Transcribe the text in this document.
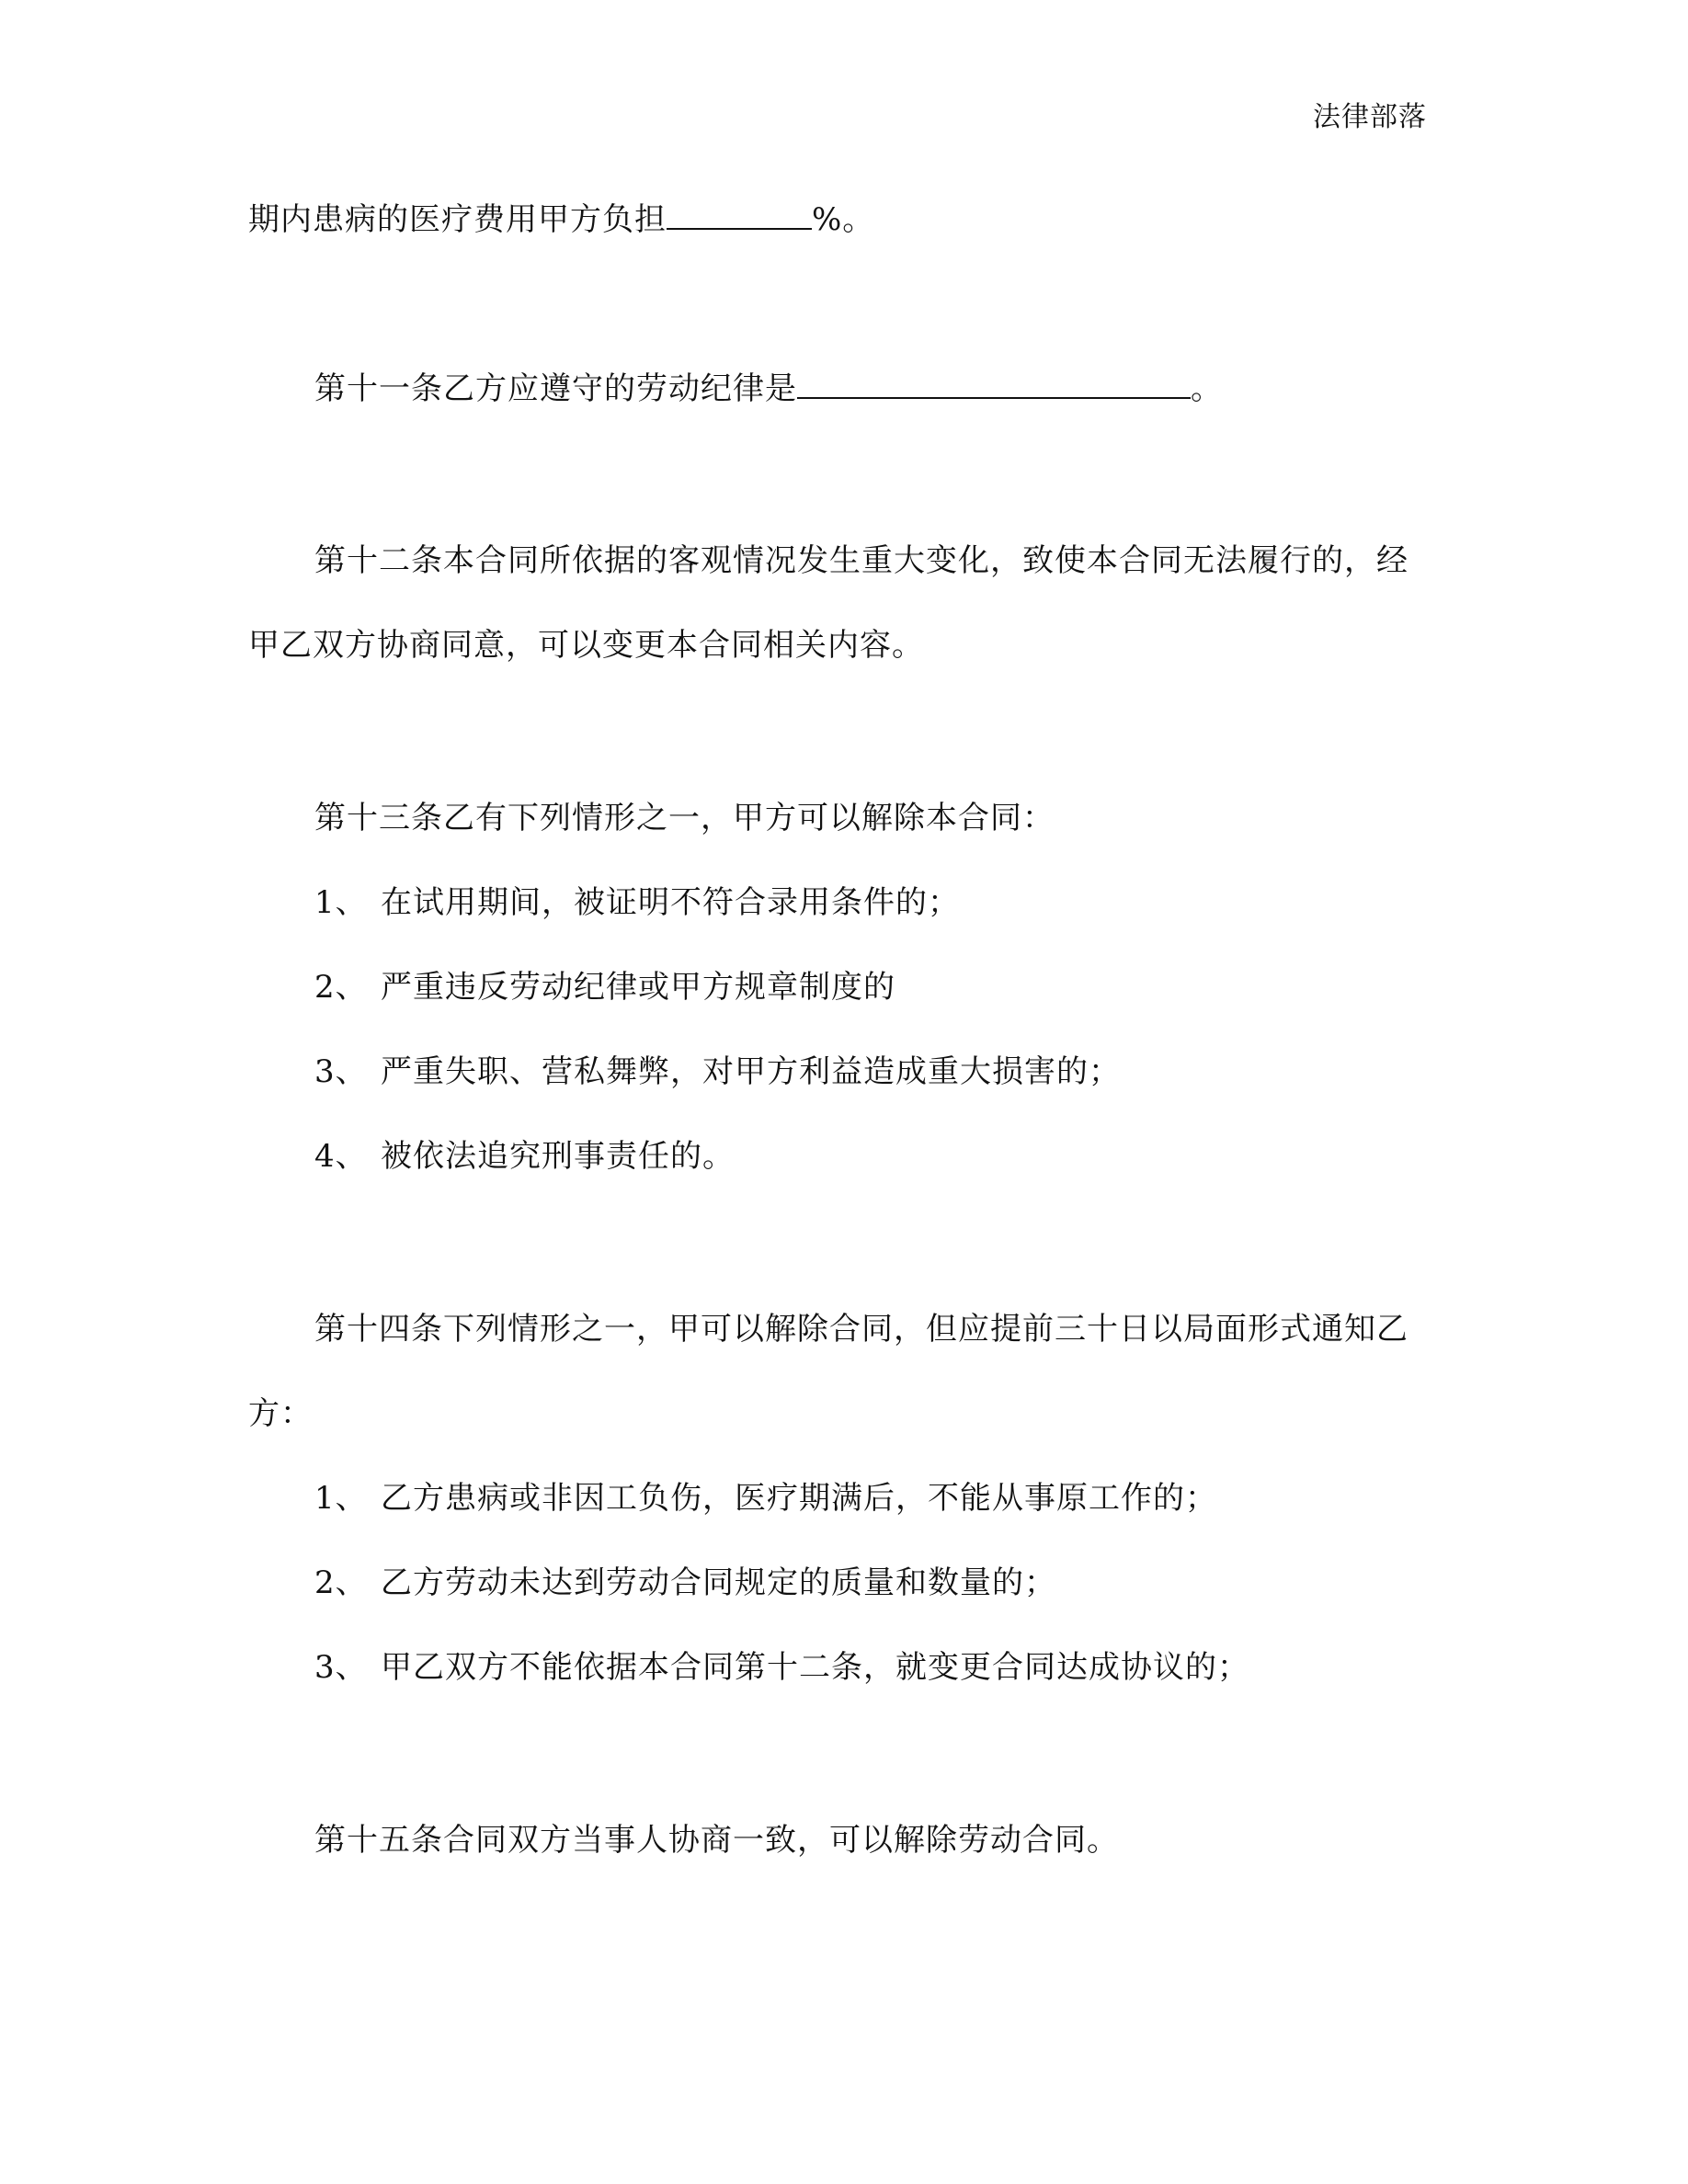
法律部落
期内患病的医疗费用甲方负担	%。
第十一条乙方应遵守的劳动纪律是	。
第十二条本合同所依据的客观情况发生重大变化，致使本合同无法履行的，经
甲乙双方协商同意，可以变更本合同相关内容。
第十三条乙有下列情形之一，甲方可以解除本合同：
1、 在试用期间，被证明不符合录用条件的；
2、 严重违反劳动纪律或甲方规章制度的
3、 严重失职、营私舞弊，对甲方利益造成重大损害的；
4、 被依法追究刑事责任的。
第十四条下列情形之一，甲可以解除合同，但应提前三十日以局面形式通知乙
方：
1、 乙方患病或非因工负伤，医疗期满后，不能从事原工作的；
2、 乙方劳动未达到劳动合同规定的质量和数量的；
3、 甲乙双方不能依据本合同第十二条，就变更合同达成协议的；
第十五条合同双方当事人协商一致，可以解除劳动合同。
